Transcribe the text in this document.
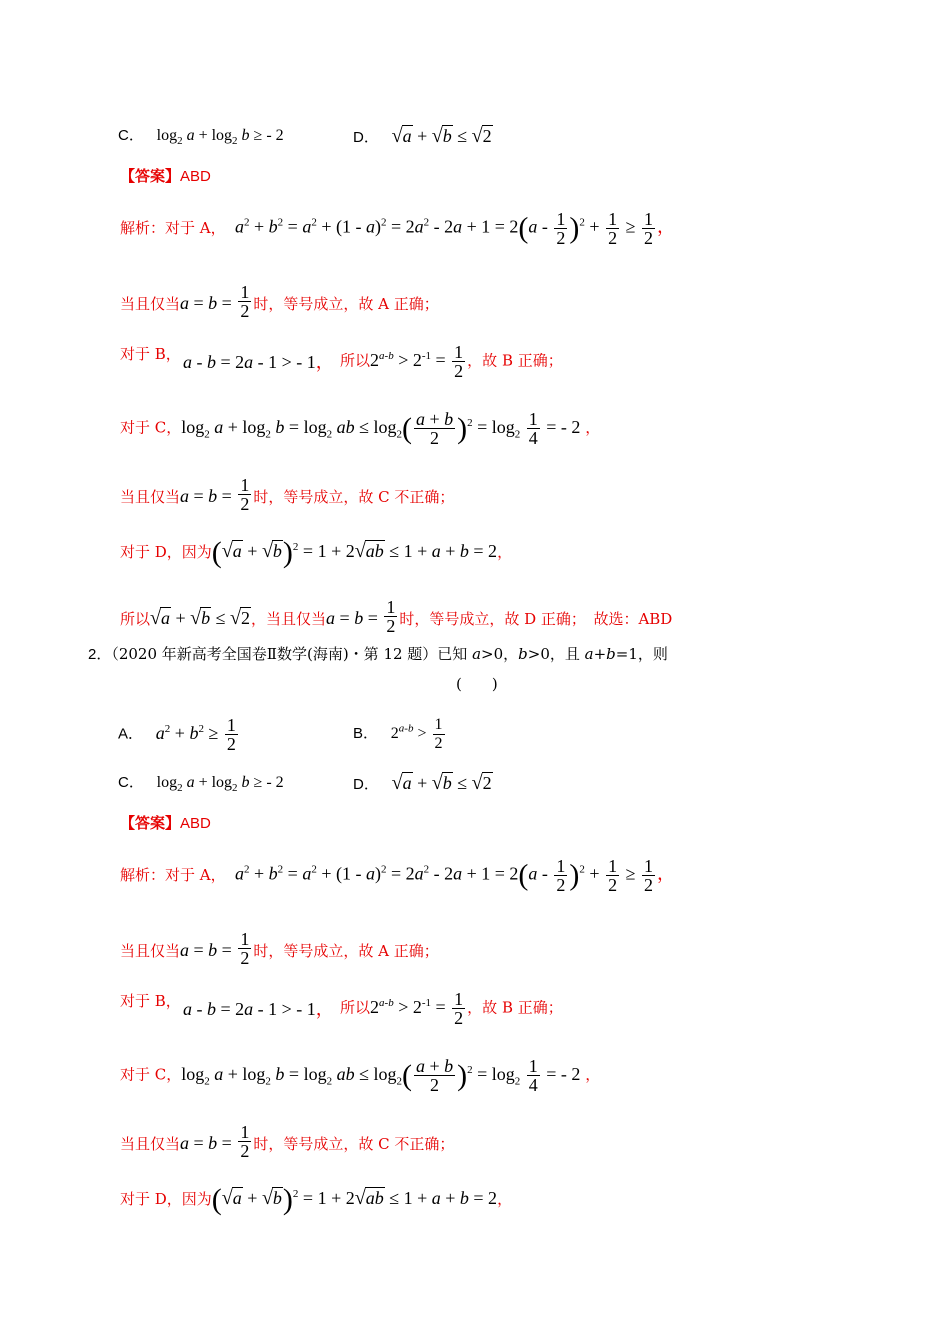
C． $\log_2 a + \log_2 b$ ≥ - 2	D． √a + √b ≤ √2
【答案】ABD
解析：对于 A， $a^2 + b^2 = a^2 + (1 - a)^2 = 2a^2 - 2a + 1 = 2(a - \frac{1}{2} )^2 + \frac{1}{2} \ge \frac{1}{2}$ ，
当且仅当$a = b = \frac{1}{2}$ 时，等号成立，故 A 正确；
对于 B， a - b = 2a - 1 > - 1， 所以$2^{a-b} > 2^{-1} = \frac{1}{2}$ ，故 B 正确；
对于 C，$\log_2 a + \log_2 b = \log_2$ ab ≤ $\log_2( \frac{a + b}{2} )^2 = \log_2 \frac{1}{4}$ = - 2 ，
当且仅当$a = b = \frac{1}{2}$ 时，等号成立，故 C 不正确；
对于 D，因为$(√a + √b)^2 = 1 + 2√ab \le 1 + a + b = 2$，
所以√a + √b ≤ √2，当且仅当$a = b = \frac{1}{2}$ 时，等号成立，故 D 正确；　 故选：ABD
2．（2020 年新高考全国卷Ⅱ数学(海南)・第 12 题）已知 a>0，b>0，且 a+b=1，则
(　　)
A． $a^2 + b^2 \ge \frac{1}{2}$	B． $2^{a-b} > \frac{1}{2}$
C． $\log_2 a + \log_2 b$ ≥ - 2	D． √a + √b ≤ √2
【答案】ABD
解析：对于 A， $a^2 + b^2 = a^2 + (1 - a)^2 = 2a^2 - 2a + 1 = 2(a - \frac{1}{2} )^2 + \frac{1}{2} \ge \frac{1}{2}$ ，
当且仅当$a = b = \frac{1}{2}$ 时，等号成立，故 A 正确；
对于 B， a - b = 2a - 1 > - 1， 所以$2^{a-b} > 2^{-1} = \frac{1}{2}$ ，故 B 正确；
对于 C，$\log_2 a + \log_2 b = \log_2$ ab ≤ $\log_2( \frac{a + b}{2} )^2 = \log_2 \frac{1}{4}$ = - 2 ，
当且仅当$a = b = \frac{1}{2}$ 时，等号成立，故 C 不正确；
对于 D，因为$(√a + √b)^2 = 1 + 2√ab \le 1 + a + b = 2$，
